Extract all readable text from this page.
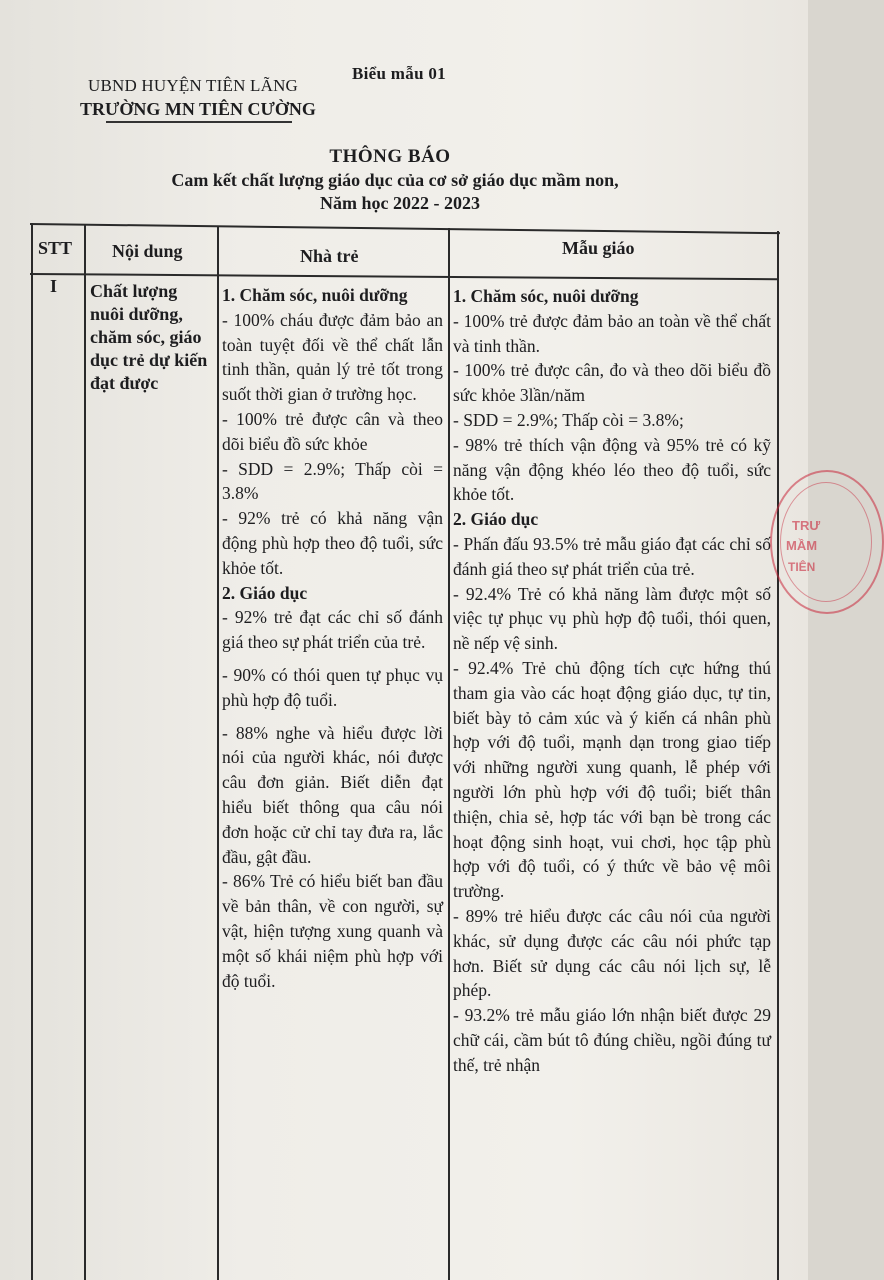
Biểu mẫu 01
UBND HUYỆN TIÊN LÃNG
TRƯỜNG MN TIÊN CƯỜNG
THÔNG BÁO
Cam kết chất lượng giáo dục của cơ sở giáo dục mầm non,
Năm học 2022 - 2023
STT Nội dung	Nhà trẻ	Mẫu giáo
I Chất lượng nuôi dưỡng, chăm sóc, giáo dục trẻ dự kiến đạt được

1. Chăm sóc, nuôi dưỡng

- 100% cháu được đảm bảo an toàn tuyệt đối về thể chất lẫn tinh thần, quản lý trẻ tốt trong suốt thời gian ở trường học.

- 100% trẻ được cân và theo dõi biểu đồ sức khỏe

- SDD = 2.9%; Thấp còi = 3.8%

- 92% trẻ có khả năng vận động phù hợp theo độ tuổi, sức khỏe tốt.

2. Giáo dục

- 92% trẻ đạt các chỉ số đánh giá theo sự phát triển của trẻ.

- 90% có thói quen tự phục vụ phù hợp độ tuổi.

- 88% nghe và hiểu được lời nói của người khác, nói được câu đơn giản. Biết diễn đạt hiểu biết thông qua câu nói đơn hoặc cử chỉ tay đưa ra, lắc đầu, gật đầu.

- 86% Trẻ có hiểu biết ban đầu về bản thân, về con người, sự vật, hiện tượng xung quanh và một số khái niệm phù hợp với độ tuổi.

1. Chăm sóc, nuôi dưỡng

- 100% trẻ được đảm bảo an toàn về thể chất và tinh thần.

- 100% trẻ được cân, đo và theo dõi biểu đồ sức khỏe 3lần/năm

- SDD = 2.9%; Thấp còi = 3.8%;

- 98% trẻ thích vận động và 95% trẻ có kỹ năng vận động khéo léo theo độ tuổi, sức khỏe tốt.

2. Giáo dục

- Phấn đấu 93.5% trẻ mẫu giáo đạt các chỉ số đánh giá theo sự phát triển của trẻ.

- 92.4% Trẻ có khả năng làm được một số việc tự phục vụ phù hợp độ tuổi, thói quen, nề nếp vệ sinh.

- 92.4% Trẻ chủ động tích cực hứng thú tham gia vào các hoạt động giáo dục, tự tin, biết bày tỏ cảm xúc và ý kiến cá nhân phù hợp với độ tuổi, mạnh dạn trong giao tiếp với những người xung quanh, lễ phép với người lớn phù hợp với độ tuổi; biết thân thiện, chia sẻ, hợp tác với bạn bè trong các hoạt động sinh hoạt, vui chơi, học tập phù hợp với độ tuổi, có ý thức về bảo vệ môi trường.

- 89% trẻ hiểu được các câu nói của người khác, sử dụng được các câu nói phức tạp hơn. Biết sử dụng các câu nói lịch sự, lễ phép.

- 93.2% trẻ mẫu giáo lớn nhận biết được 29 chữ cái, cầm bút tô đúng chiều, ngồi đúng tư thế, trẻ nhận

TRƯ
MẦM
TIÊN
